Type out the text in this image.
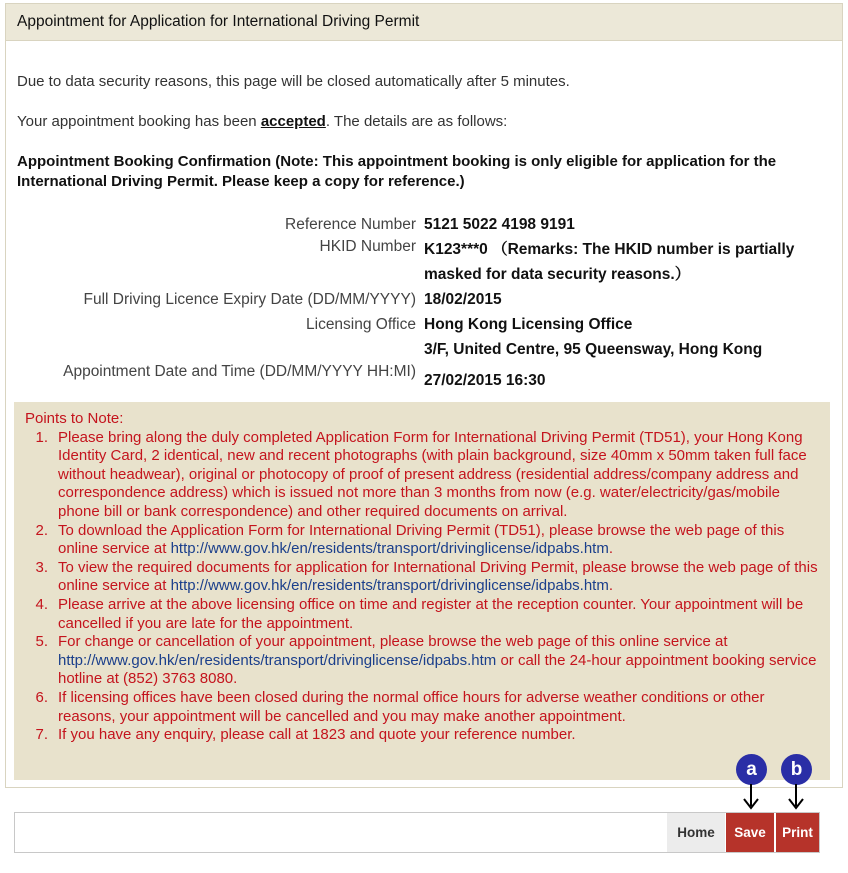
Appointment for Application for International Driving Permit
Due to data security reasons, this page will be closed automatically after 5 minutes.
Your appointment booking has been accepted. The details are as follows:
Appointment Booking Confirmation (Note: This appointment booking is only eligible for application for the International Driving Permit. Please keep a copy for reference.)
Reference Number 5121 5022 4198 9191
HKID Number K123***0 （Remarks: The HKID number is partially masked for data security reasons.）
Full Driving Licence Expiry Date (DD/MM/YYYY) 18/02/2015
Licensing Office Hong Kong Licensing Office
3/F, United Centre, 95 Queensway, Hong Kong
Appointment Date and Time (DD/MM/YYYY HH:MI)
27/02/2015 16:30
Points to Note:
1. Please bring along the duly completed Application Form for International Driving Permit (TD51), your Hong Kong Identity Card, 2 identical, new and recent photographs (with plain background, size 40mm x 50mm taken full face without headwear), original or photocopy of proof of present address (residential address/company address and correspondence address) which is issued not more than 3 months from now (e.g. water/electricity/gas/mobile phone bill or bank correspondence) and other required documents on arrival.
2. To download the Application Form for International Driving Permit (TD51), please browse the web page of this online service at http://www.gov.hk/en/residents/transport/drivinglicense/idpabs.htm.
3. To view the required documents for application for International Driving Permit, please browse the web page of this online service at http://www.gov.hk/en/residents/transport/drivinglicense/idpabs.htm.
4. Please arrive at the above licensing office on time and register at the reception counter. Your appointment will be cancelled if you are late for the appointment.
5. For change or cancellation of your appointment, please browse the web page of this online service at http://www.gov.hk/en/residents/transport/drivinglicense/idpabs.htm or call the 24-hour appointment booking service hotline at (852) 3763 8080.
6. If licensing offices have been closed during the normal office hours for adverse weather conditions or other reasons, your appointment will be cancelled and you may make another appointment.
7. If you have any enquiry, please call at 1823 and quote your reference number.
a	b
Home	Save	Print
